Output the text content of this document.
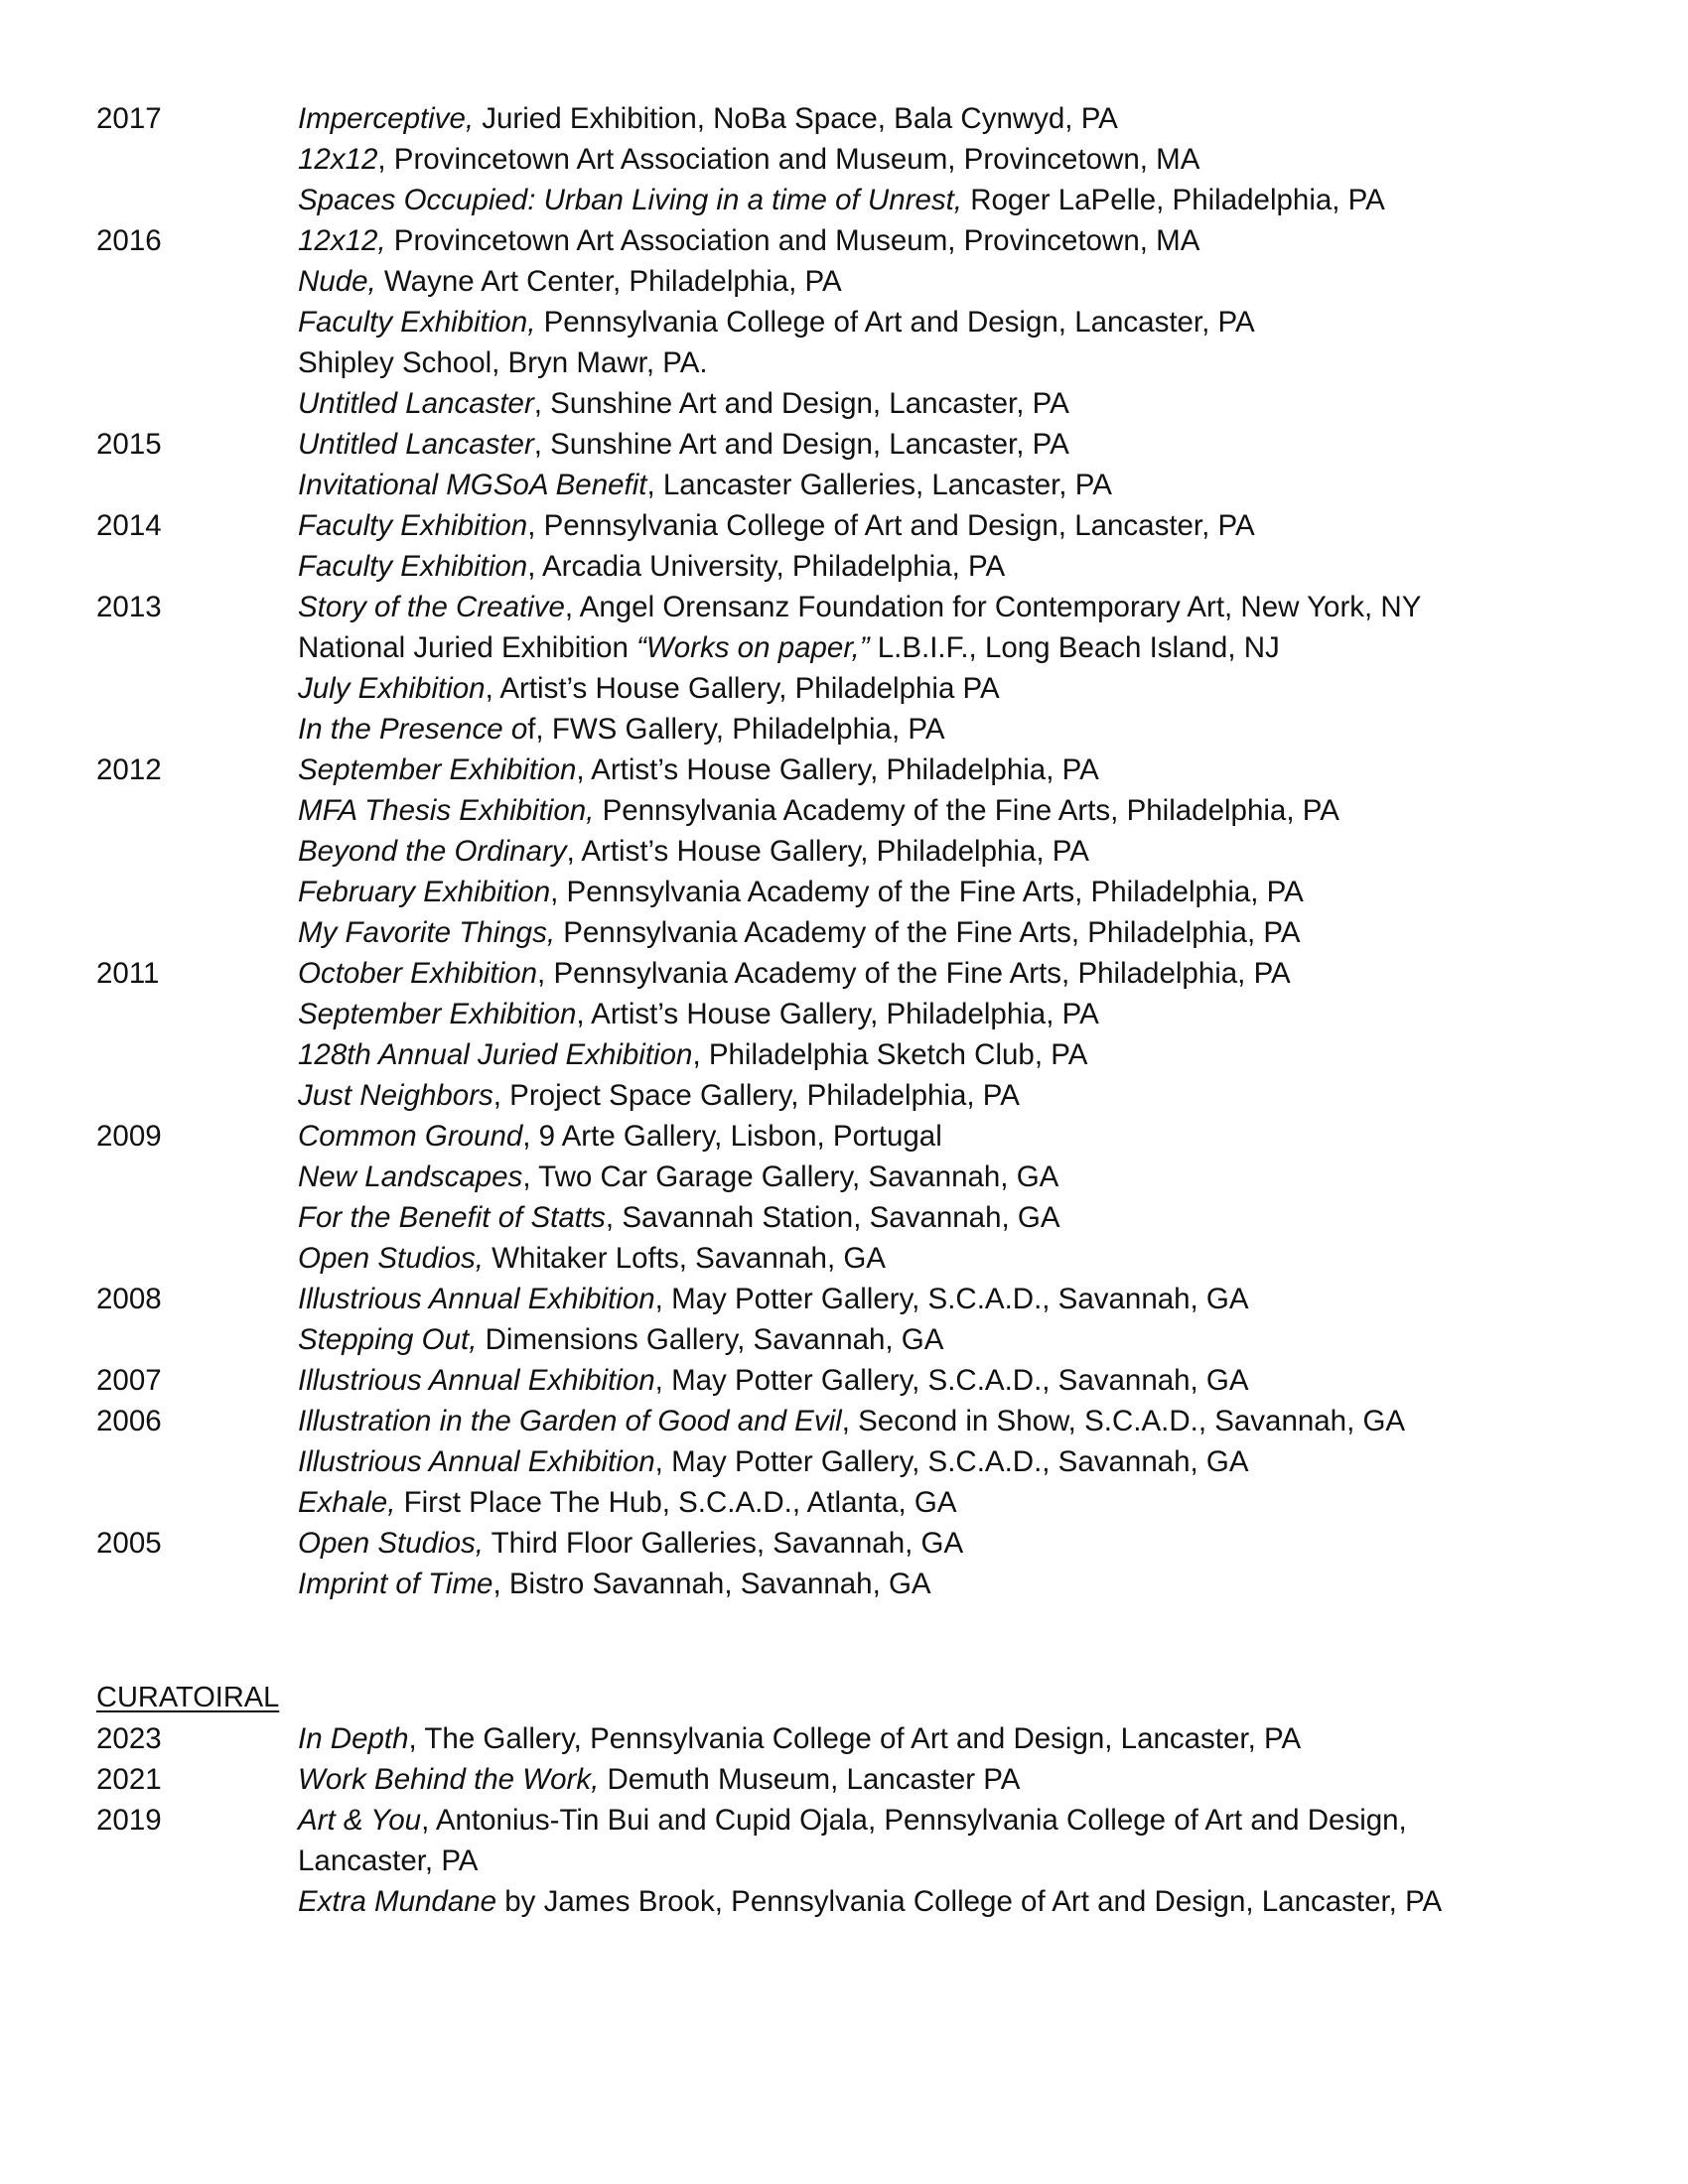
2017	Imperceptive, Juried Exhibition, NoBa Space, Bala Cynwyd, PA
12x12, Provincetown Art Association and Museum, Provincetown, MA
Spaces Occupied: Urban Living in a time of Unrest, Roger LaPelle, Philadelphia, PA
2016	12x12, Provincetown Art Association and Museum, Provincetown, MA
Nude, Wayne Art Center, Philadelphia, PA
Faculty Exhibition, Pennsylvania College of Art and Design, Lancaster, PA
Shipley School, Bryn Mawr, PA.
Untitled Lancaster, Sunshine Art and Design, Lancaster, PA
2015	Untitled Lancaster, Sunshine Art and Design, Lancaster, PA
Invitational MGSoA Benefit, Lancaster Galleries, Lancaster, PA
2014	Faculty Exhibition, Pennsylvania College of Art and Design, Lancaster, PA
Faculty Exhibition, Arcadia University, Philadelphia, PA
2013	Story of the Creative, Angel Orensanz Foundation for Contemporary Art, New York, NY
National Juried Exhibition “Works on paper,” L.B.I.F., Long Beach Island, NJ
July Exhibition, Artist’s House Gallery, Philadelphia PA
In the Presence of, FWS Gallery, Philadelphia, PA
2012	September Exhibition, Artist’s House Gallery, Philadelphia, PA
MFA Thesis Exhibition, Pennsylvania Academy of the Fine Arts, Philadelphia, PA
Beyond the Ordinary, Artist’s House Gallery, Philadelphia, PA
February Exhibition, Pennsylvania Academy of the Fine Arts, Philadelphia, PA
My Favorite Things, Pennsylvania Academy of the Fine Arts, Philadelphia, PA
2011	October Exhibition, Pennsylvania Academy of the Fine Arts, Philadelphia, PA
September Exhibition, Artist’s House Gallery, Philadelphia, PA
128th Annual Juried Exhibition, Philadelphia Sketch Club, PA
Just Neighbors, Project Space Gallery, Philadelphia, PA
2009	Common Ground, 9 Arte Gallery, Lisbon, Portugal
New Landscapes, Two Car Garage Gallery, Savannah, GA
For the Benefit of Statts, Savannah Station, Savannah, GA
Open Studios, Whitaker Lofts, Savannah, GA
2008	Illustrious Annual Exhibition, May Potter Gallery, S.C.A.D., Savannah, GA
Stepping Out, Dimensions Gallery, Savannah, GA
2007	Illustrious Annual Exhibition, May Potter Gallery, S.C.A.D., Savannah, GA
2006	Illustration in the Garden of Good and Evil, Second in Show, S.C.A.D., Savannah, GA
Illustrious Annual Exhibition, May Potter Gallery, S.C.A.D., Savannah, GA
Exhale, First Place The Hub, S.C.A.D., Atlanta, GA
2005	Open Studios, Third Floor Galleries, Savannah, GA
Imprint of Time, Bistro Savannah, Savannah, GA
CURATOIRAL
2023	In Depth, The Gallery, Pennsylvania College of Art and Design, Lancaster, PA
2021	Work Behind the Work, Demuth Museum, Lancaster PA
2019	Art & You, Antonius-Tin Bui and Cupid Ojala, Pennsylvania College of Art and Design,
Lancaster, PA
Extra Mundane by James Brook, Pennsylvania College of Art and Design, Lancaster, PA
